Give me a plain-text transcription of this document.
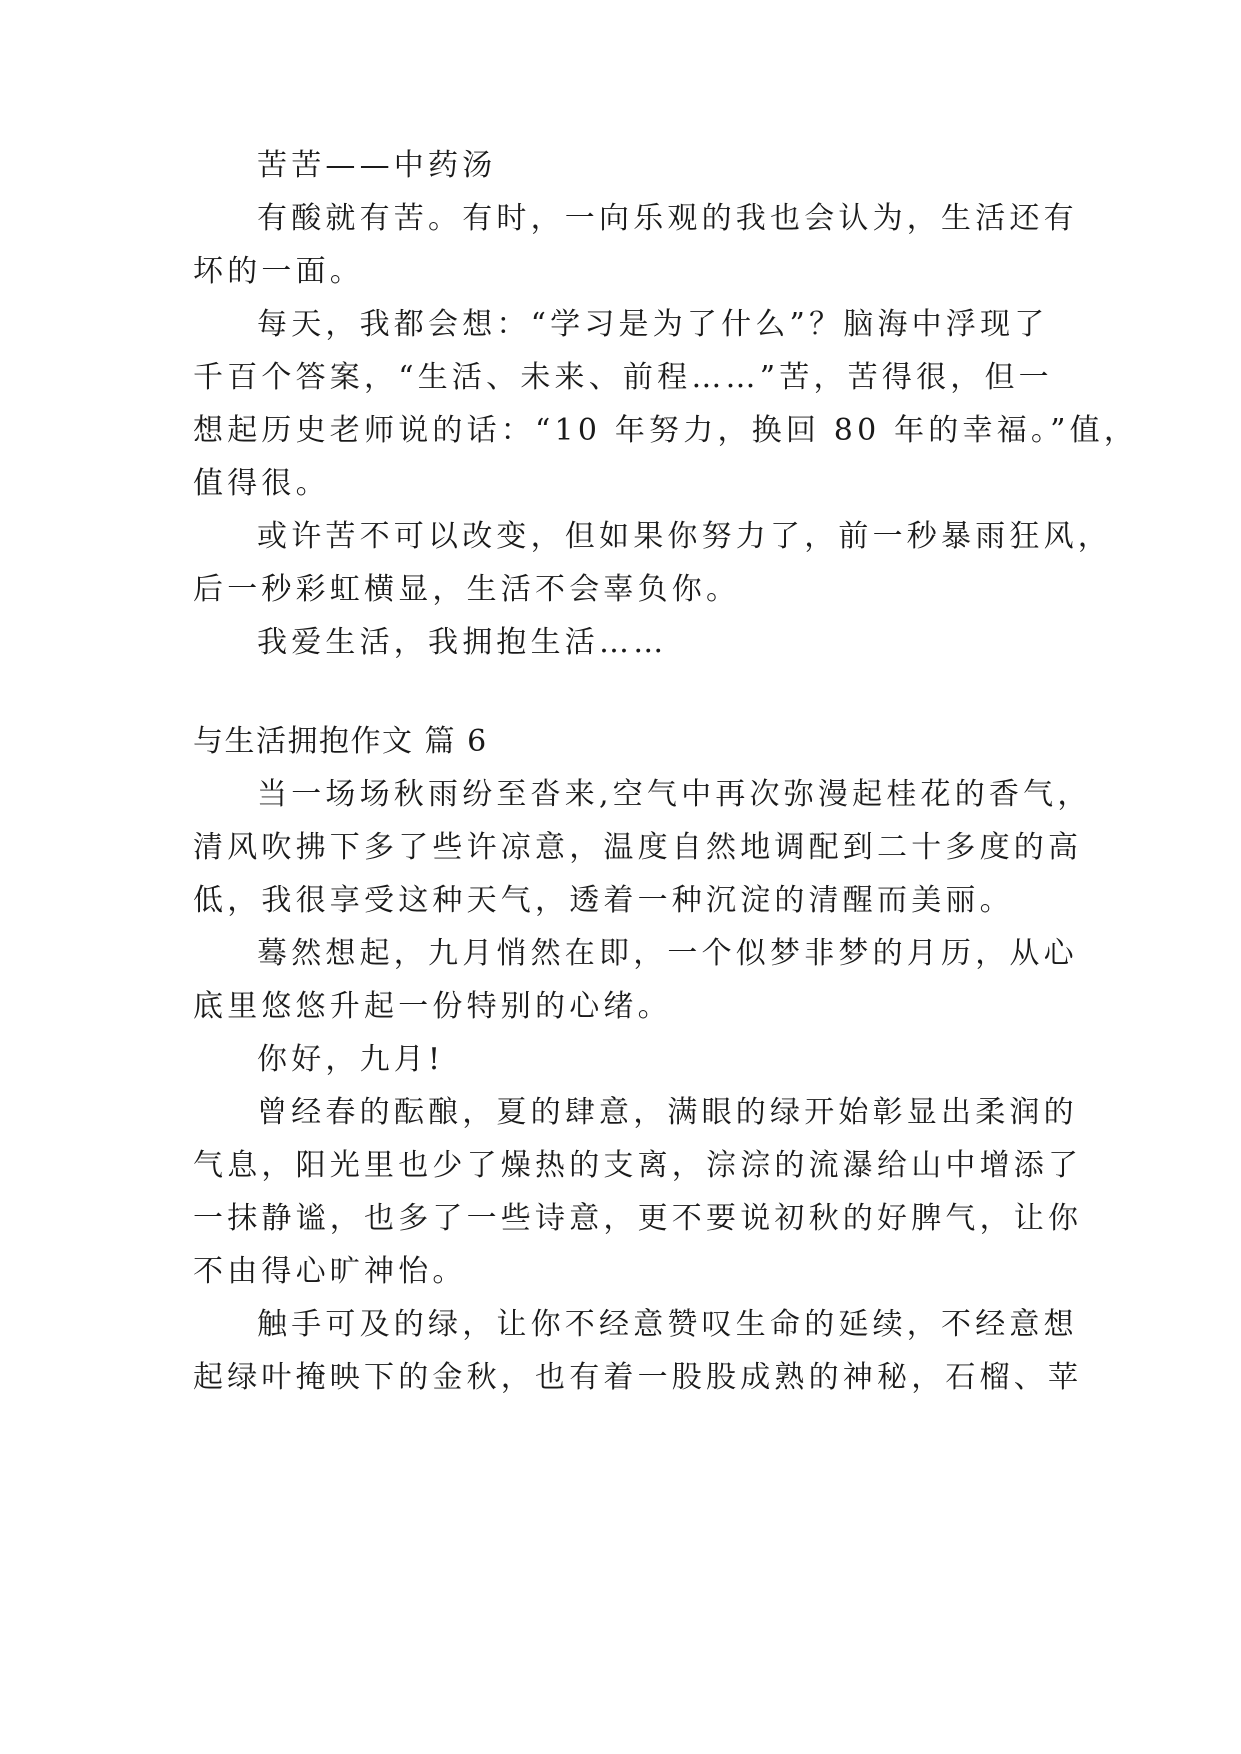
苦苦——中药汤
有酸就有苦。有时，一向乐观的我也会认为，生活还有
坏的一面。
每天，我都会想：“学习是为了什么”？脑海中浮现了
千百个答案，“生活、未来、前程……”苦，苦得很，但一
想起历史老师说的话：“10 年努力，换回 80 年的幸福。”值，
值得很。
或许苦不可以改变，但如果你努力了，前一秒暴雨狂风，
后一秒彩虹横显，生活不会辜负你。
我爱生活，我拥抱生活……
与生活拥抱作文 篇 6
当一场场秋雨纷至沓来,空气中再次弥漫起桂花的香气，
清风吹拂下多了些许凉意，温度自然地调配到二十多度的高
低，我很享受这种天气，透着一种沉淀的清醒而美丽。
蓦然想起，九月悄然在即，一个似梦非梦的月历，从心
底里悠悠升起一份特别的心绪。
你好，九月!
曾经春的酝酿，夏的肆意，满眼的绿开始彰显出柔润的
气息，阳光里也少了燥热的支离，淙淙的流瀑给山中增添了
一抹静谧，也多了一些诗意，更不要说初秋的好脾气，让你
不由得心旷神怡。
触手可及的绿，让你不经意赞叹生命的延续，不经意想
起绿叶掩映下的金秋，也有着一股股成熟的神秘，石榴、苹
